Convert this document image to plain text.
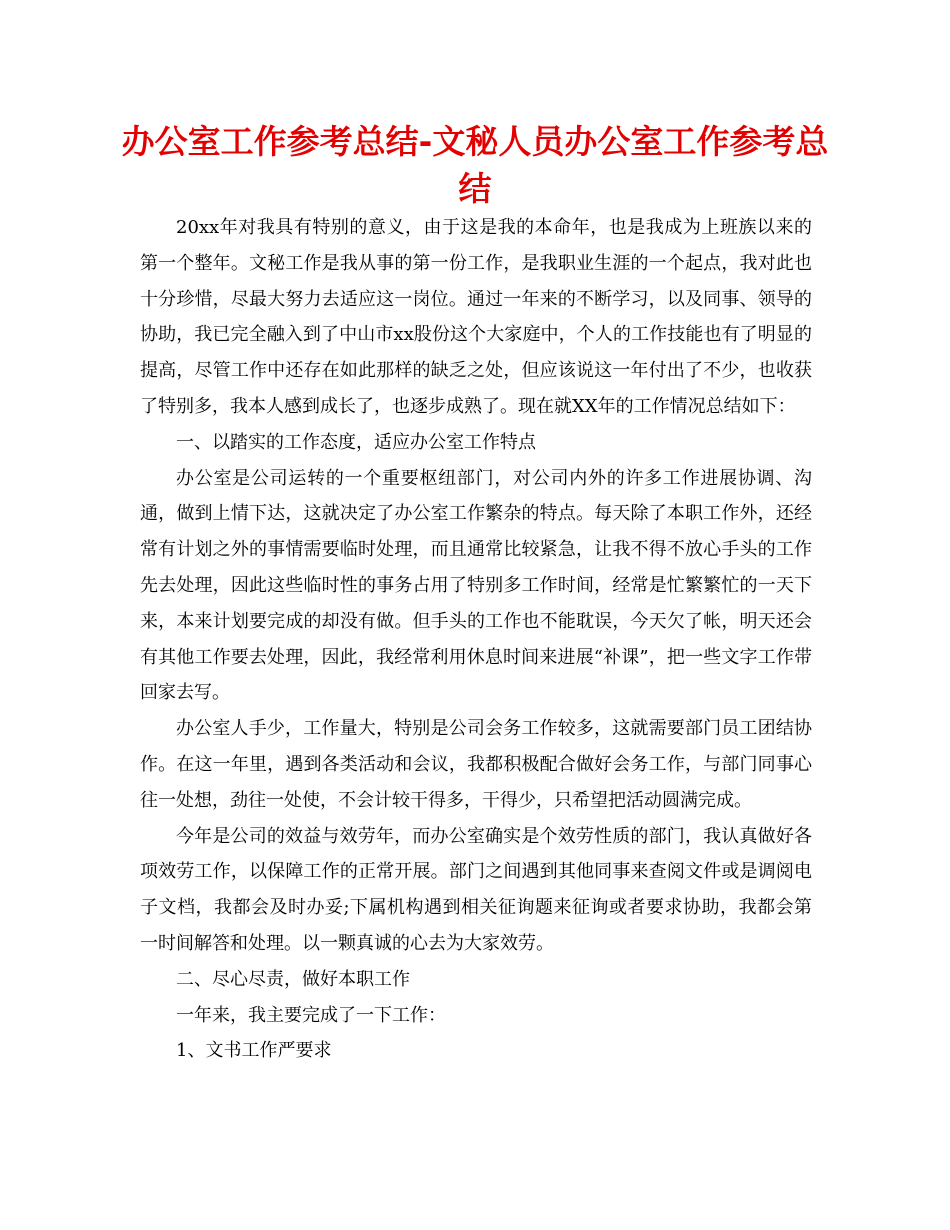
办公室工作参考总结-文秘人员办公室工作参考总结

20xx年对我具有特别的意义，由于这是我的本命年，也是我成为上班族以来的第一个整年。文秘工作是我从事的第一份工作，是我职业生涯的一个起点，我对此也十分珍惜，尽最大努力去适应这一岗位。通过一年来的不断学习，以及同事、领导的协助，我已完全融入到了中山市xx股份这个大家庭中，个人的工作技能也有了明显的提高，尽管工作中还存在如此那样的缺乏之处，但应该说这一年付出了不少，也收获了特别多，我本人感到成长了，也逐步成熟了。现在就XX年的工作情况总结如下：

一、以踏实的工作态度，适应办公室工作特点

办公室是公司运转的一个重要枢纽部门，对公司内外的许多工作进展协调、沟通，做到上情下达，这就决定了办公室工作繁杂的特点。每天除了本职工作外，还经常有计划之外的事情需要临时处理，而且通常比较紧急，让我不得不放心手头的工作先去处理，因此这些临时性的事务占用了特别多工作时间，经常是忙繁繁忙的一天下来，本来计划要完成的却没有做。但手头的工作也不能耽误，今天欠了帐，明天还会有其他工作要去处理，因此，我经常利用休息时间来进展“补课”，把一些文字工作带回家去写。

办公室人手少，工作量大，特别是公司会务工作较多，这就需要部门员工团结协作。在这一年里，遇到各类活动和会议，我都积极配合做好会务工作，与部门同事心往一处想，劲往一处使，不会计较干得多，干得少，只希望把活动圆满完成。

今年是公司的效益与效劳年，而办公室确实是个效劳性质的部门，我认真做好各项效劳工作，以保障工作的正常开展。部门之间遇到其他同事来查阅文件或是调阅电子文档，我都会及时办妥;下属机构遇到相关征询题来征询或者要求协助，我都会第一时间解答和处理。以一颗真诚的心去为大家效劳。

二、尽心尽责，做好本职工作

一年来，我主要完成了一下工作：

1、文书工作严要求
